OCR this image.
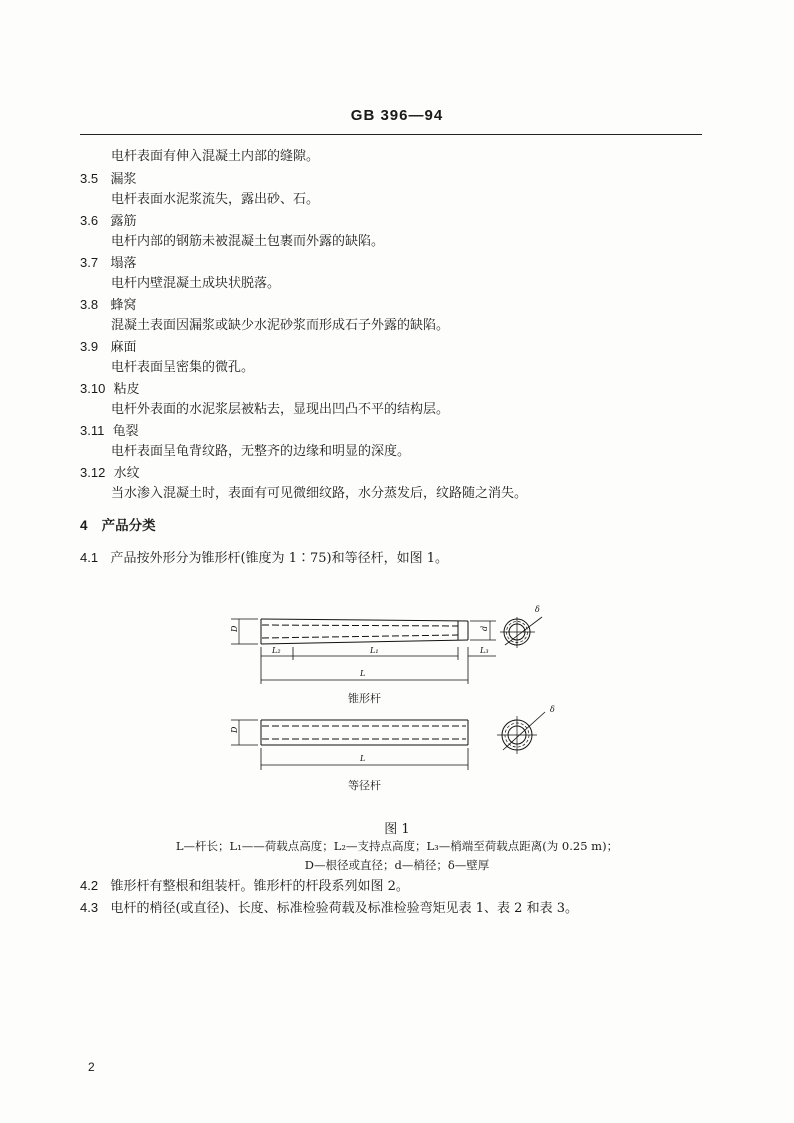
GB 396—94
电杆表面有伸入混凝土内部的缝隙。
3.5 漏浆
电杆表面水泥浆流失，露出砂、石。
3.6 露筋
电杆内部的钢筋未被混凝土包裹而外露的缺陷。
3.7 塌落
电杆内壁混凝土成块状脱落。
3.8 蜂窝
混凝土表面因漏浆或缺少水泥砂浆而形成石子外露的缺陷。
3.9 麻面
电杆表面呈密集的微孔。
3.10 粘皮
电杆外表面的水泥浆层被粘去，显现出凹凸不平的结构层。
3.11 龟裂
电杆表面呈龟背纹路，无整齐的边缘和明显的深度。
3.12 水纹
当水渗入混凝土时，表面有可见微细纹路，水分蒸发后，纹路随之消失。
4 产品分类
4.1 产品按外形分为锥形杆(锥度为 1∶75)和等径杆，如图 1。
D	d
δ
L₂	L₁	L₃
L
D
δ
L
锥形杆
等径杆
图 1
L—杆长；L₁——荷载点高度；L₂—支持点高度；L₃—梢端至荷载点距离(为 0.25 m)；
D—根径或直径；d—梢径；δ—壁厚
4.2 锥形杆有整根和组装杆。锥形杆的杆段系列如图 2。
4.3 电杆的梢径(或直径)、长度、标准检验荷载及标准检验弯矩见表 1、表 2 和表 3。
2
